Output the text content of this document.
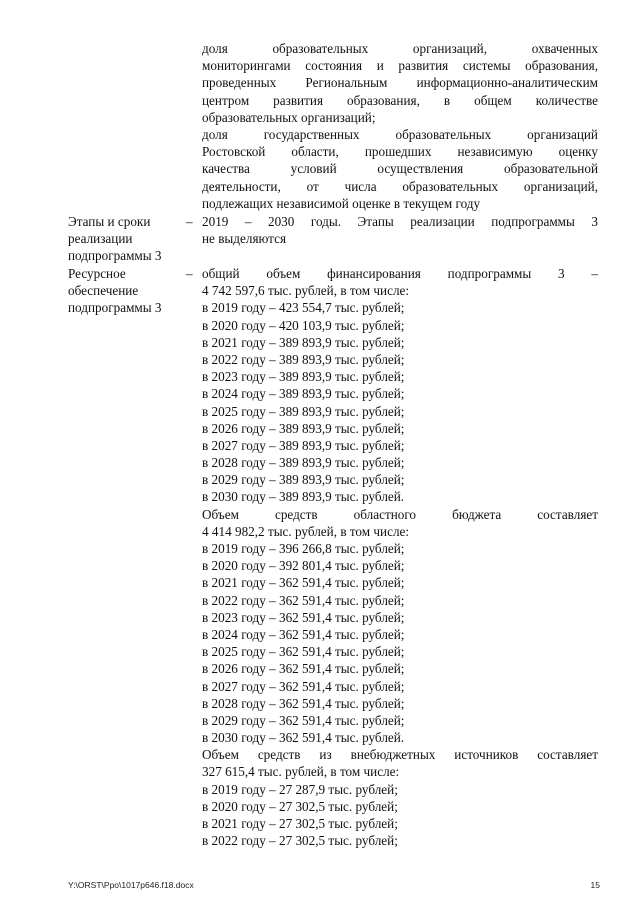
доля образовательных организаций, охваченных
мониторингами состояния и развития системы образования,
проведенных Региональным информационно-аналитическим
центром развития образования, в общем количестве
образовательных организаций;
доля государственных образовательных организаций
Ростовской области, прошедших независимую оценку
качества условий осуществления образовательной
деятельности, от числа образовательных организаций,
подлежащих независимой оценке в текущем году
Этапы и сроки
реализации
подпрограммы 3
– 2019 – 2030 годы. Этапы реализации подпрограммы 3
не выделяются
Ресурсное
обеспечение
подпрограммы 3
– общий объем финансирования подпрограммы 3 –
4 742 597,6 тыс. рублей, в том числе:
в 2019 году – 423 554,7 тыс. рублей;
в 2020 году – 420 103,9 тыс. рублей;
в 2021 году – 389 893,9 тыс. рублей;
в 2022 году – 389 893,9 тыс. рублей;
в 2023 году – 389 893,9 тыс. рублей;
в 2024 году – 389 893,9 тыс. рублей;
в 2025 году – 389 893,9 тыс. рублей;
в 2026 году – 389 893,9 тыс. рублей;
в 2027 году – 389 893,9 тыс. рублей;
в 2028 году – 389 893,9 тыс. рублей;
в 2029 году – 389 893,9 тыс. рублей;
в 2030 году – 389 893,9 тыс. рублей.
Объем средств областного бюджета составляет
4 414 982,2 тыс. рублей, в том числе:
в 2019 году – 396 266,8 тыс. рублей;
в 2020 году – 392 801,4 тыс. рублей;
в 2021 году – 362 591,4 тыс. рублей;
в 2022 году – 362 591,4 тыс. рублей;
в 2023 году – 362 591,4 тыс. рублей;
в 2024 году – 362 591,4 тыс. рублей;
в 2025 году – 362 591,4 тыс. рублей;
в 2026 году – 362 591,4 тыс. рублей;
в 2027 году – 362 591,4 тыс. рублей;
в 2028 году – 362 591,4 тыс. рублей;
в 2029 году – 362 591,4 тыс. рублей;
в 2030 году – 362 591,4 тыс. рублей.
Объем средств из внебюджетных источников составляет
327 615,4 тыс. рублей, в том числе:
в 2019 году – 27 287,9 тыс. рублей;
в 2020 году – 27 302,5 тыс. рублей;
в 2021 году – 27 302,5 тыс. рублей;
в 2022 году – 27 302,5 тыс. рублей;
Y:\ORST\Ppo\1017p646.f18.docx	15
